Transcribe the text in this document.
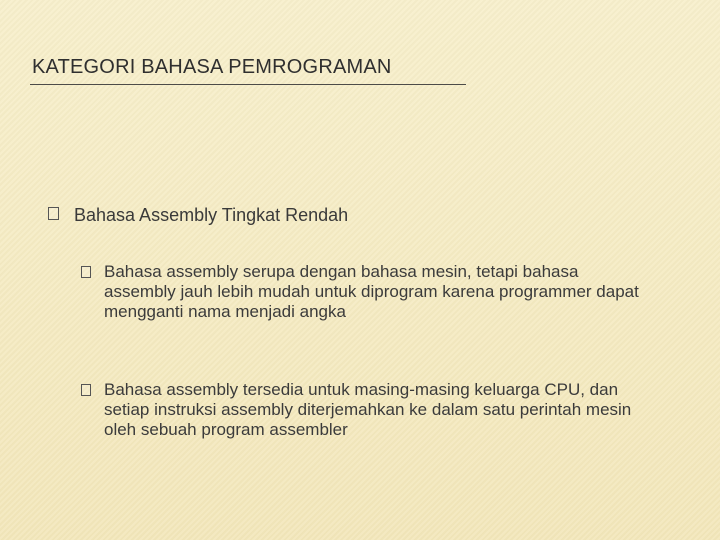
KATEGORI BAHASA PEMROGRAMAN
Bahasa Assembly Tingkat Rendah
Bahasa assembly serupa dengan bahasa mesin, tetapi bahasa assembly jauh lebih mudah untuk diprogram karena programmer dapat mengganti nama menjadi angka
Bahasa assembly tersedia untuk masing-masing keluarga CPU, dan setiap instruksi assembly diterjemahkan ke dalam satu perintah mesin oleh sebuah program assembler
